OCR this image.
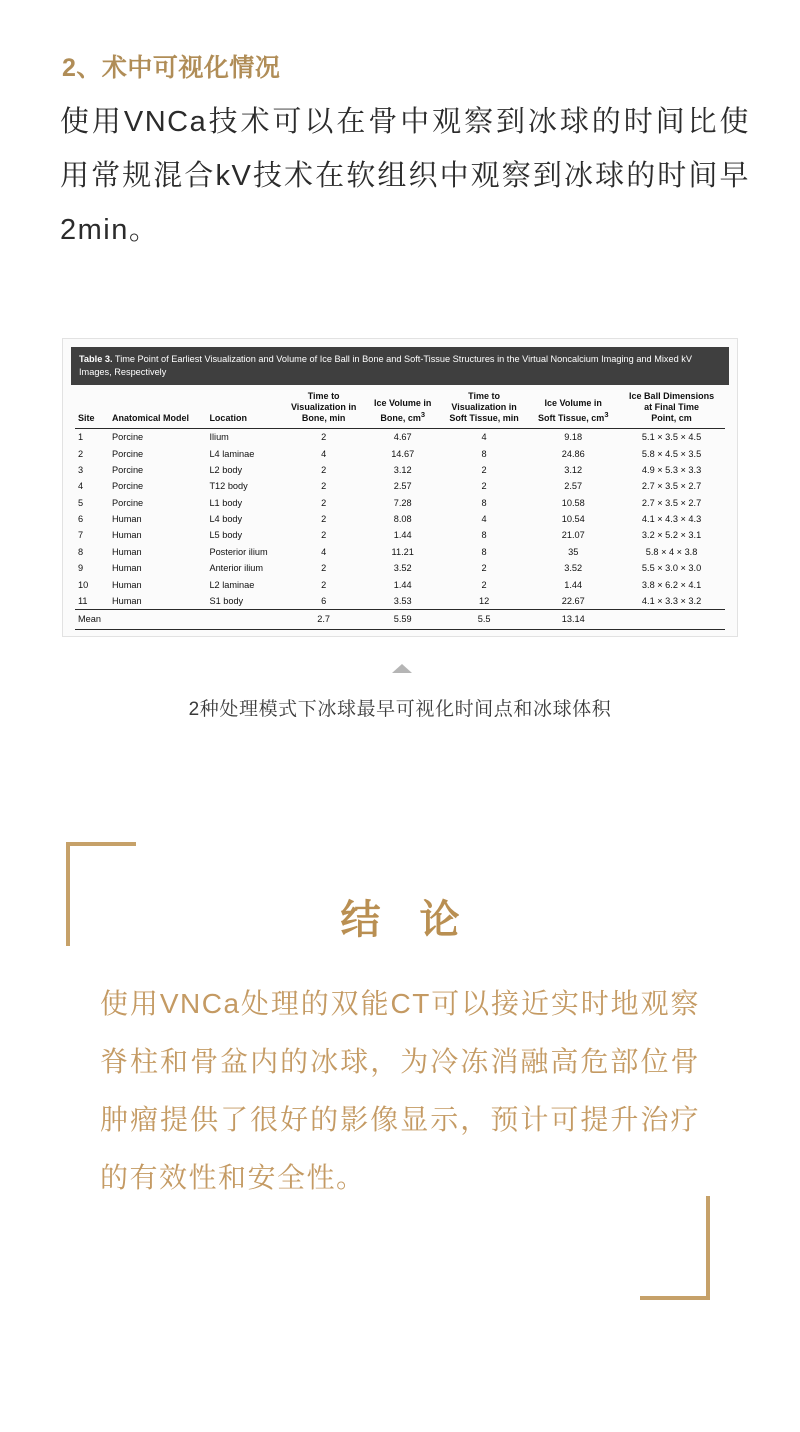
2、术中可视化情况
使用VNCa技术可以在骨中观察到冰球的时间比使用常规混合kV技术在软组织中观察到冰球的时间早2min。
Table 3. Time Point of Earliest Visualization and Volume of Ice Ball in Bone and Soft-Tissue Structures in the Virtual Noncalcium Imaging and Mixed kV Images, Respectively
Site	Anatomical Model	Location	Time to
Visualization in
Bone, min	Ice Volume in
Bone, $cm^3$	Time to
Visualization in
Soft Tissue, min	Ice Volume in
Soft Tissue, $cm^3$	Ice Ball Dimensions
at Final Time
Point, cm
1	Porcine	Ilium	2	4.67	4	9.18	5.1 × 3.5 × 4.5
2	Porcine	L4 laminae	4	14.67	8	24.86	5.8 × 4.5 × 3.5
3	Porcine	L2 body	2	3.12	2	3.12	4.9 × 5.3 × 3.3
4	Porcine	T12 body	2	2.57	2	2.57	2.7 × 3.5 × 2.7
5	Porcine	L1 body	2	7.28	8	10.58	2.7 × 3.5 × 2.7
6	Human	L4 body	2	8.08	4	10.54	4.1 × 4.3 × 4.3
7	Human	L5 body	2	1.44	8	21.07	3.2 × 5.2 × 3.1
8	Human	Posterior ilium	4	11.21	8	35	5.8 × 4 × 3.8
9	Human	Anterior ilium	2	3.52	2	3.52	5.5 × 3.0 × 3.0
10	Human	L2 laminae	2	1.44	2	1.44	3.8 × 6.2 × 4.1
11	Human	S1 body	6	3.53	12	22.67	4.1 × 3.3 × 3.2
Mean			2.7	5.59	5.5	13.14	
2种处理模式下冰球最早可视化时间点和冰球体积
结 论
使用VNCa处理的双能CT可以接近实时地观察脊柱和骨盆内的冰球，为冷冻消融高危部位骨肿瘤提供了很好的影像显示，预计可提升治疗的有效性和安全性。
